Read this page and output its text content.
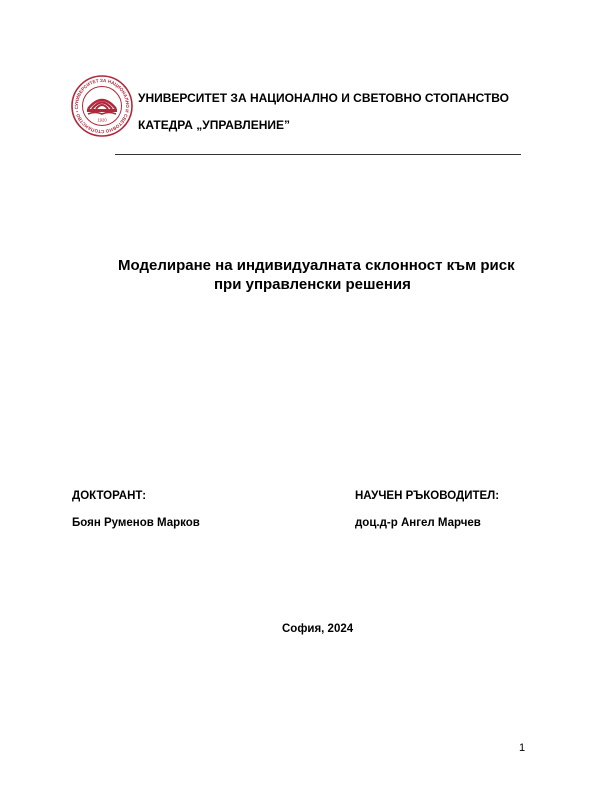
УНИВЕРСИТЕТ ЗА НАЦИОНАЛНО И СВЕТОВНО СТОПАНСТВО • С
1920
УНИВЕРСИТЕТ ЗА НАЦИОНАЛНО И СВЕТОВНО СТОПАНСТВО
КАТЕДРА „УПРАВЛЕНИЕ”
Моделиране на индивидуалната склонност към риск
при управленски решения
ДОКТОРАНТ:
Боян Руменов Марков
НАУЧЕН РЪКОВОДИТЕЛ:
доц.д-р Ангел Марчев
София, 2024
1
